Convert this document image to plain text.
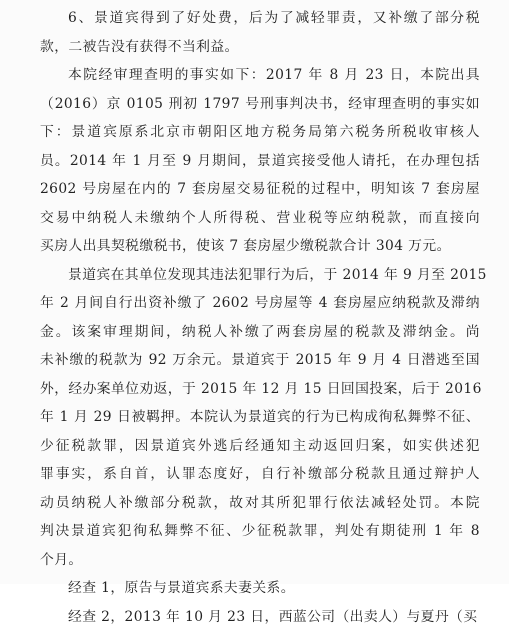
6、景道宾得到了好处费，后为了减轻罪责，又补缴了部分税
款，二被告没有获得不当利益。
本院经审理查明的事实如下：2017 年 8 月 23 日，本院出具
（2016）京 0105 刑初 1797 号刑事判决书，经审理查明的事实如
下：景道宾原系北京市朝阳区地方税务局第六税务所税收审核人
员。2014 年 1 月至 9 月期间，景道宾接受他人请托，在办理包括
2602 号房屋在内的 7 套房屋交易征税的过程中，明知该 7 套房屋
交易中纳税人未缴纳个人所得税、营业税等应纳税款，而直接向
买房人出具契税缴税书，使该 7 套房屋少缴税款合计 304 万元。
景道宾在其单位发现其违法犯罪行为后，于 2014 年 9 月至 2015
年 2 月间自行出资补缴了 2602 号房屋等 4 套房屋应纳税款及滞纳
金。该案审理期间，纳税人补缴了两套房屋的税款及滞纳金。尚
未补缴的税款为 92 万余元。景道宾于 2015 年 9 月 4 日潜逃至国
外，经办案单位劝返，于 2015 年 12 月 15 日回国投案，后于 2016
年 1 月 29 日被羁押。本院认为景道宾的行为已构成徇私舞弊不征、
少征税款罪，因景道宾外逃后经通知主动返回归案，如实供述犯
罪事实，系自首，认罪态度好，自行补缴部分税款且通过辩护人
动员纳税人补缴部分税款，故对其所犯罪行依法减轻处罚。本院
判决景道宾犯徇私舞弊不征、少征税款罪，判处有期徒刑 1 年 8
个月。
经查 1，原告与景道宾系夫妻关系。
经查 2，2013 年 10 月 23 日，西蓝公司（出卖人）与夏丹（买
